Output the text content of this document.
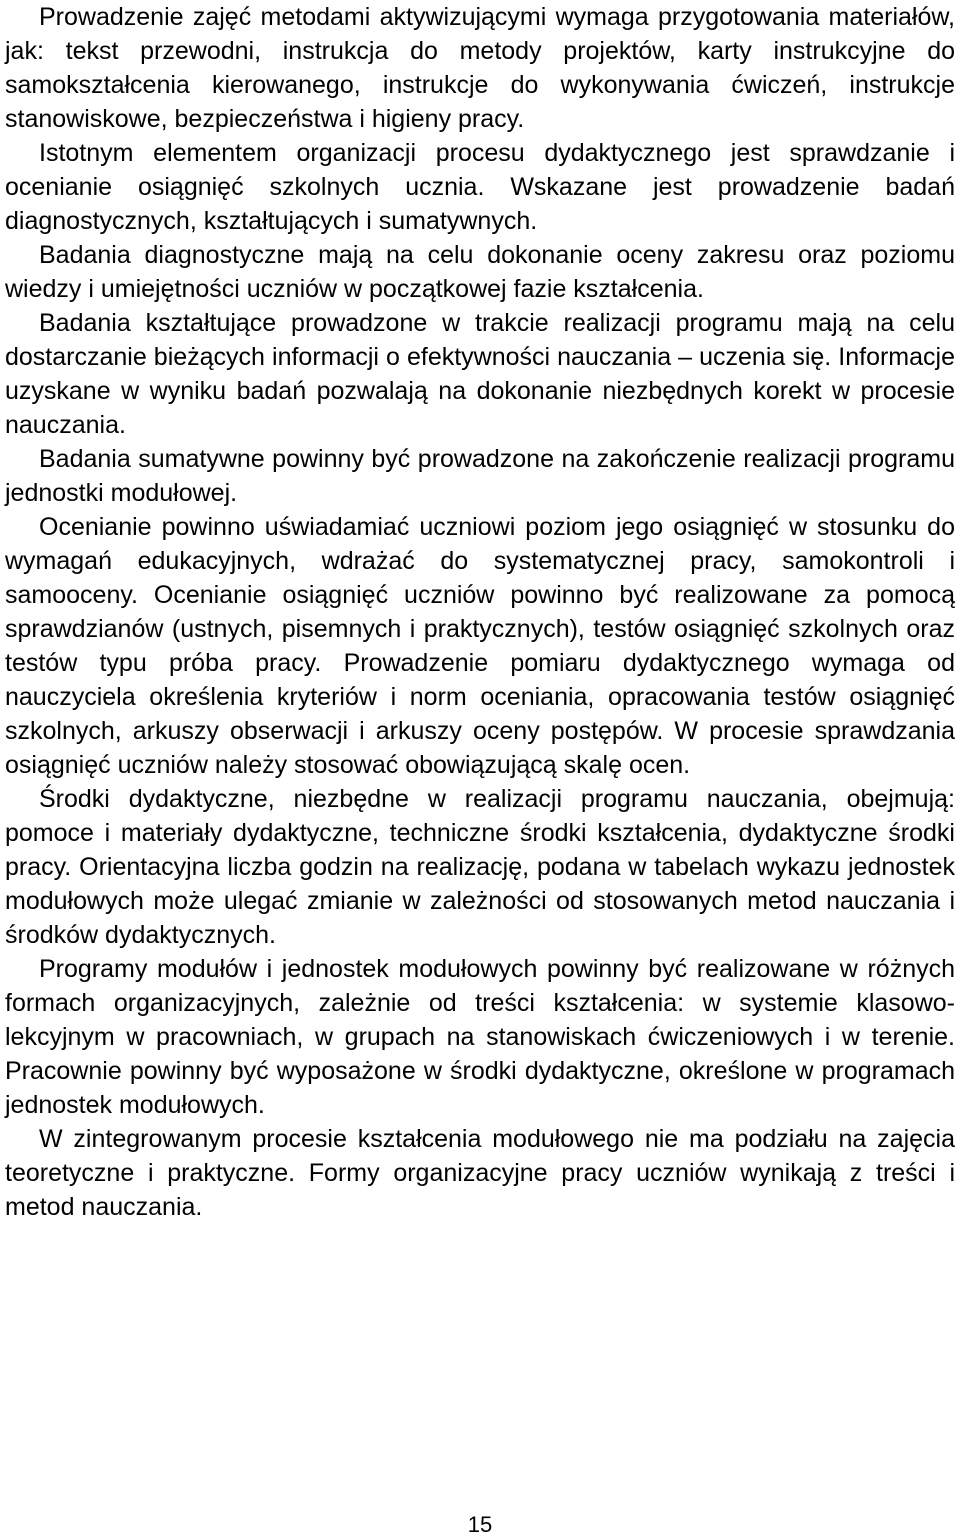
Prowadzenie zajęć metodami aktywizującymi wymaga przygotowania materiałów, jak: tekst przewodni, instrukcja do metody projektów, karty instrukcyjne do samokształcenia kierowanego, instrukcje do wykonywania ćwiczeń, instrukcje stanowiskowe, bezpieczeństwa i higieny pracy.

Istotnym elementem organizacji procesu dydaktycznego jest sprawdzanie i ocenianie osiągnięć szkolnych ucznia. Wskazane jest prowadzenie badań diagnostycznych, kształtujących i sumatywnych.

Badania diagnostyczne mają na celu dokonanie oceny zakresu oraz poziomu wiedzy i umiejętności uczniów w początkowej fazie kształcenia.

Badania kształtujące prowadzone w trakcie realizacji programu mają na celu dostarczanie bieżących informacji o efektywności nauczania – uczenia się. Informacje uzyskane w wyniku badań pozwalają na dokonanie niezbędnych korekt w procesie nauczania.

Badania sumatywne powinny być prowadzone na zakończenie realizacji programu jednostki modułowej.

Ocenianie powinno uświadamiać uczniowi poziom jego osiągnięć w stosunku do wymagań edukacyjnych, wdrażać do systematycznej pracy, samokontroli i samooceny. Ocenianie osiągnięć uczniów powinno być realizowane za pomocą sprawdzianów (ustnych, pisemnych i praktycznych), testów osiągnięć szkolnych oraz testów typu próba pracy. Prowadzenie pomiaru dydaktycznego wymaga od nauczyciela określenia kryteriów i norm oceniania, opracowania testów osiągnięć szkolnych, arkuszy obserwacji i arkuszy oceny postępów. W procesie sprawdzania osiągnięć uczniów należy stosować obowiązującą skalę ocen.

Środki dydaktyczne, niezbędne w realizacji programu nauczania, obejmują: pomoce i materiały dydaktyczne, techniczne środki kształcenia, dydaktyczne środki pracy. Orientacyjna liczba godzin na realizację, podana w tabelach wykazu jednostek modułowych może ulegać zmianie w zależności od stosowanych metod nauczania i środków dydaktycznych.

Programy modułów i jednostek modułowych powinny być realizowane w różnych formach organizacyjnych, zależnie od treści kształcenia: w systemie klasowo-lekcyjnym w pracowniach, w grupach na stanowiskach ćwiczeniowych i w terenie. Pracownie powinny być wyposażone w środki dydaktyczne, określone w programach jednostek modułowych.

W zintegrowanym procesie kształcenia modułowego nie ma podziału na zajęcia teoretyczne i praktyczne. Formy organizacyjne pracy uczniów wynikają z treści i metod nauczania.

15
